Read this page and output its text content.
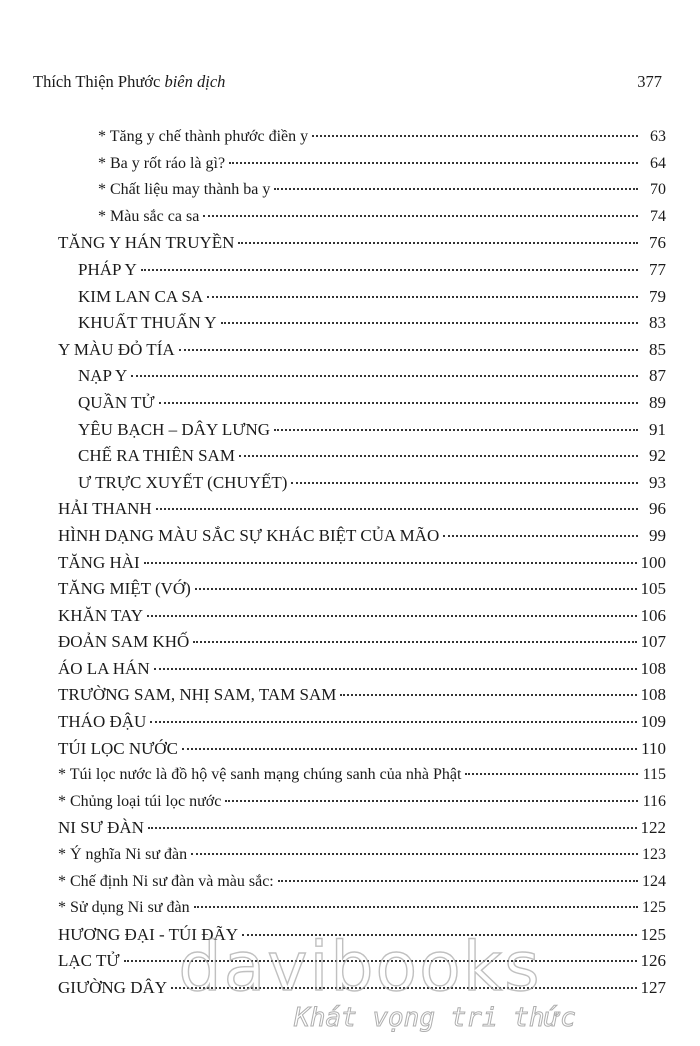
Thích Thiện Phước biên dịch	377
* Tăng y chế thành phước điền y	63
* Ba y rốt ráo là gì?	64
* Chất liệu may thành ba y	70
* Màu sắc ca sa	74
TĂNG Y HÁN TRUYỀN	76
PHÁP Y	77
KIM LAN CA SA	79
KHUẤT THUẤN Y	83
Y MÀU ĐỎ TÍA	85
NẠP Y	87
QUẦN TỬ	89
YÊU BẠCH – DÂY LƯNG	91
CHẾ RA THIÊN SAM	92
Ư TRỰC XUYẾT (CHUYẾT)	93
HẢI THANH	96
HÌNH DẠNG MÀU SẮC SỰ KHÁC BIỆT CỦA MÃO	99
TĂNG HÀI	100
TĂNG MIỆT (VỚ)	105
KHĂN TAY	106
ĐOẢN SAM KHỐ	107
ÁO LA HÁN	108
TRƯỜNG SAM, NHỊ SAM, TAM SAM	108
THÁO ĐẬU	109
TÚI LỌC NƯỚC	110
* Túi lọc nước là đồ hộ vệ sanh mạng chúng sanh của nhà Phật	115
* Chủng loại túi lọc nước	116
NI SƯ ĐÀN	122
* Ý nghĩa Ni sư đàn	123
* Chế định Ni sư đàn và màu sắc:	124
* Sử dụng Ni sư đàn	125
HƯƠNG ĐẠI - TÚI ĐÃY	125
LẠC TỬ	126
GIƯỜNG DÂY	127
davibooks
Khát vọng tri thức
